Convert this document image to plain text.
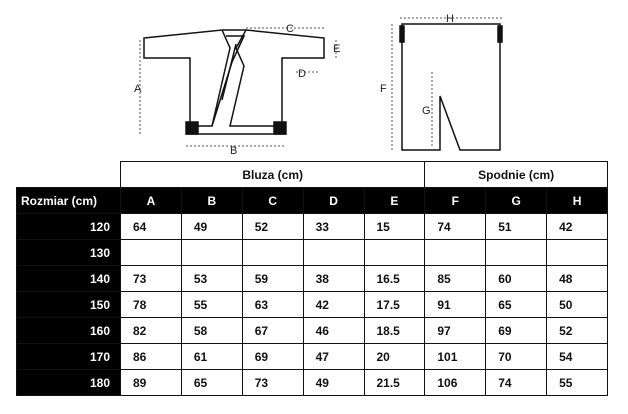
A
B
C
D
E
H
F
G
	Bluza (cm)					Spodnie (cm)		
Rozmiar (cm)	A	B	C	D	E	F	G	H
120	64	49	52	33	15	74	51	42
130								
140	73	53	59	38	16.5	85	60	48
150	78	55	63	42	17.5	91	65	50
160	82	58	67	46	18.5	97	69	52
170	86	61	69	47	20	101	70	54
180	89	65	73	49	21.5	106	74	55
